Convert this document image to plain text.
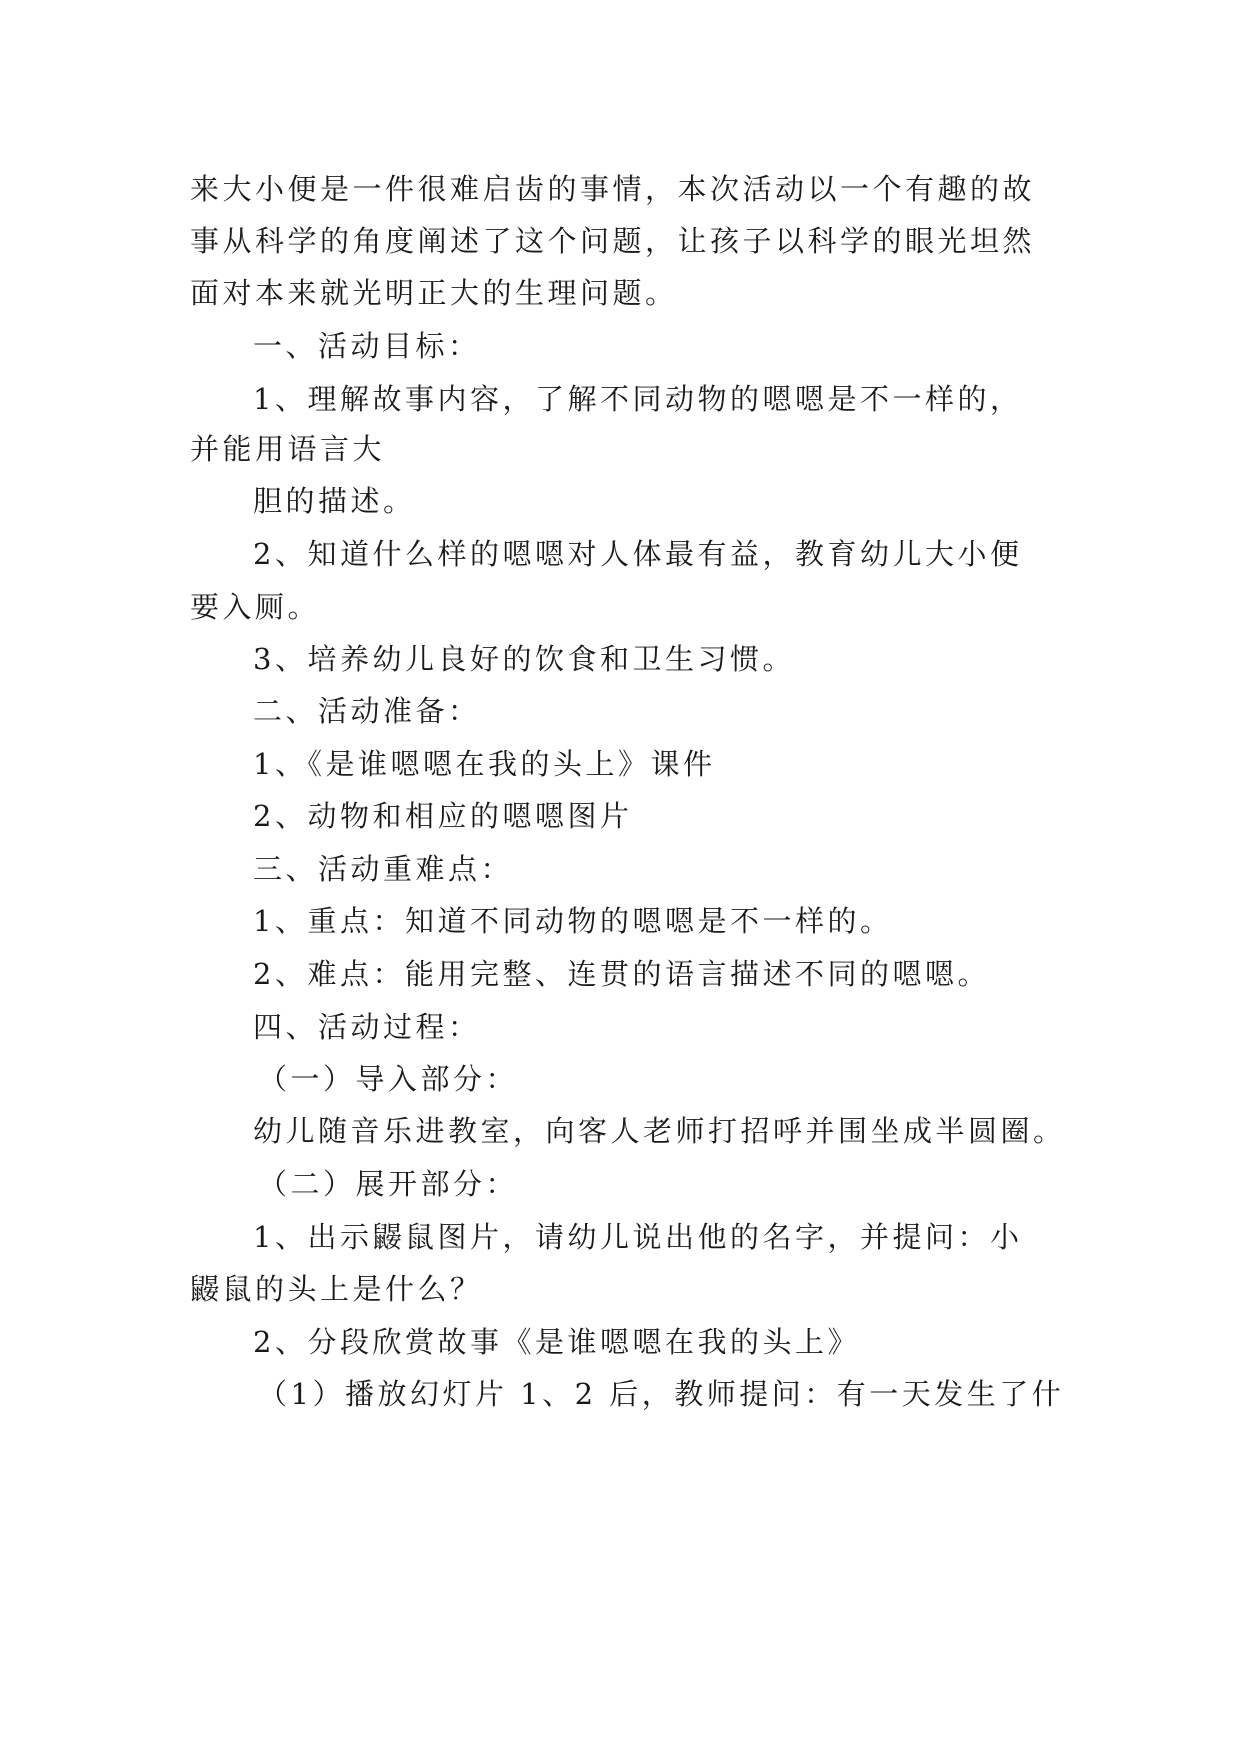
来大小便是一件很难启齿的事情，本次活动以一个有趣的故
事从科学的角度阐述了这个问题，让孩子以科学的眼光坦然
面对本来就光明正大的生理问题。
一、活动目标：
1、理解故事内容，了解不同动物的嗯嗯是不一样的，
并能用语言大
胆的描述。
2、知道什么样的嗯嗯对人体最有益，教育幼儿大小便
要入厕。
3、培养幼儿良好的饮食和卫生习惯。
二、活动准备：
1、《是谁嗯嗯在我的头上》课件
2、动物和相应的嗯嗯图片
三、活动重难点：
1、重点：知道不同动物的嗯嗯是不一样的。
2、难点：能用完整、连贯的语言描述不同的嗯嗯。
四、活动过程：
（一）导入部分：
幼儿随音乐进教室，向客人老师打招呼并围坐成半圆圈。
（二）展开部分：
1、出示鼹鼠图片，请幼儿说出他的名字，并提问：小
鼹鼠的头上是什么？
2、分段欣赏故事《是谁嗯嗯在我的头上》
（1）播放幻灯片 1、2 后，教师提问：有一天发生了什
